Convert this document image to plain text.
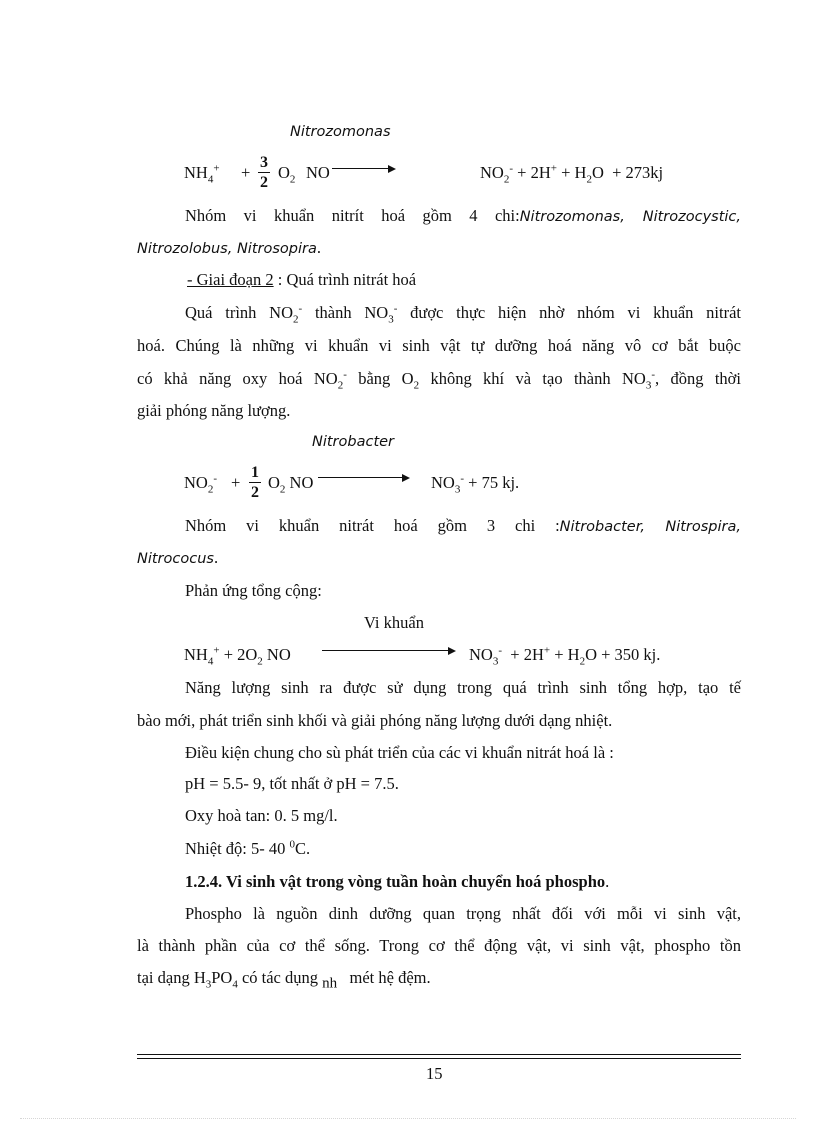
Nitrozomonas
$NH_4^+$ +
3
2
$O_2$ NO	$NO_2^- + 2H^+ + H_2O + 273kj$
Nhóm vi khuẩn nitrít hoá gồm 4 chi:Nitrozomonas, Nitrozocystic,
Nitrozolobus, Nitrosopira.
- Giai đoạn 2 : Quá trình nitrát hoá
Quá trình $NO_2^-$ thành $NO_3^-$ được thực hiện nhờ nhóm vi khuẩn nitrát
hoá. Chúng là những vi khuẩn vi sinh vật tự dưỡng hoá năng vô cơ bắt buộc
có khả năng oxy hoá $NO_2^-$ bằng $O_2$ không khí và tạo thành $NO_3^-$, đồng thời
giải phóng năng lượng.
Nitrobacter
$NO_2^-$ +
1
2
$O_2$ NO	$NO_3^- + 75$ kj.
Nhóm vi khuẩn nitrát hoá gồm 3 chi :Nitrobacter, Nitrospira,
Nitrococus.
Phản ứng tổng cộng:
Vi khuẩn
$NH_4^+ + 2O_2$ NO	$NO_3^- + 2H^+ + H_2O + 350$ kj.
Năng lượng sinh ra được sử dụng trong quá trình sinh tổng hợp, tạo tế
bào mới, phát triển sinh khối và giải phóng năng lượng dưới dạng nhiệt.
Điều kiện chung cho sù phát triển của các vi khuẩn nitrát hoá là :
pH = 5.5- 9, tốt nhất ở pH = 7.5.
Oxy hoà tan: 0. 5 mg/l.
Nhiệt độ: 5- 40 $^0$C.
1.2.4. Vi sinh vật trong vòng tuần hoàn chuyển hoá phospho.
Phospho là nguồn dinh dưỡng quan trọng nhất đối với mỗi vi sinh vật,
là thành phần của cơ thể sống. Trong cơ thể động vật, vi sinh vật, phospho tồn
tại dạng $H_3PO_4$ có tác dụng $_{nh}$ mét hệ đệm.
15
